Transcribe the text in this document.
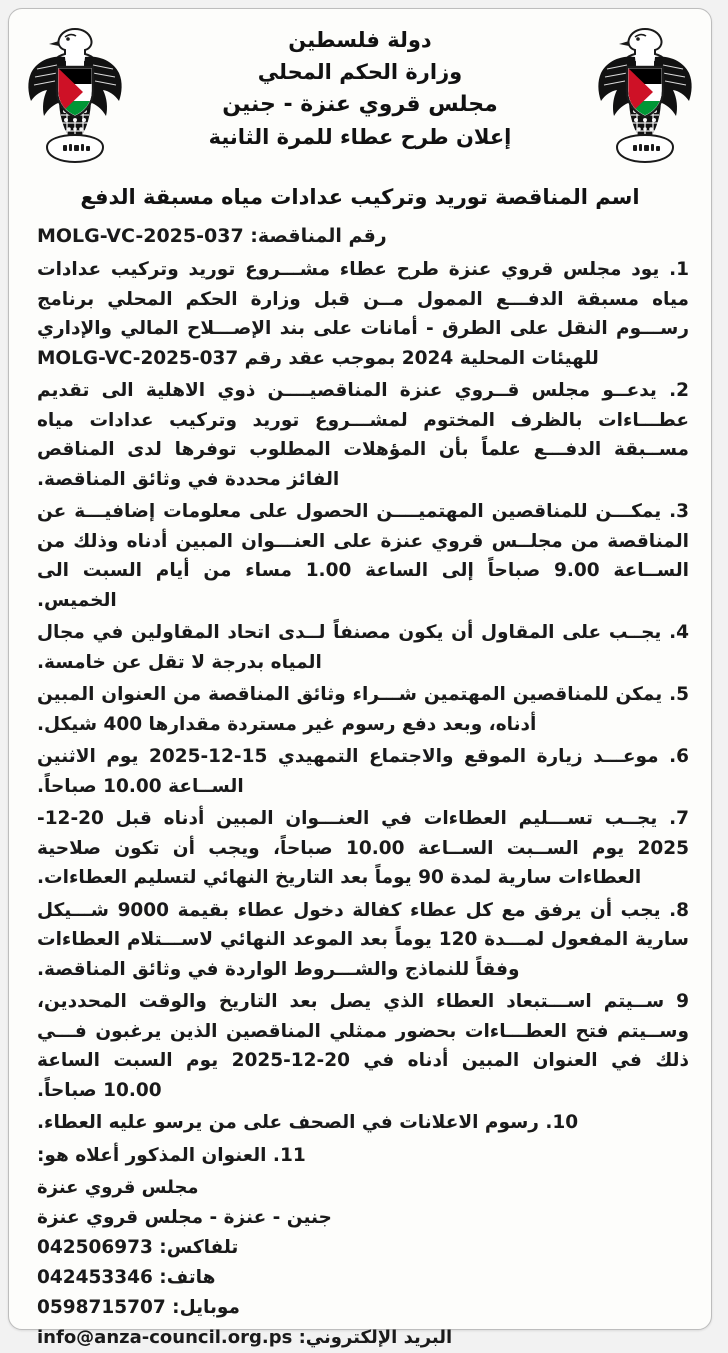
دولة فلسطين
وزارة الحكم المحلي
مجلس قروي عنزة - جنين
إعلان طرح عطاء للمرة الثانية
اسم المناقصة توريد وتركيب عدادات مياه مسبقة الدفع

رقم المناقصة: MOLG-VC-2025-037

1. يود مجلس قروي عنزة طرح عطاء مشـــروع توريد وتركيب عدادات مياه مسبقة الدفـــع الممول مــن قبل وزارة الحكم المحلي برنامج رســـوم النقل على الطرق - أمانات على بند الإصـــلاح المالي والإداري للهيئات المحلية 2024 بموجب عقد رقم MOLG-VC-2025-037
2. يدعــو مجلس قــروي عنزة المناقصيــــن ذوي الاهلية الى تقديم عطـــاءات بالظرف المختوم لمشـــروع توريد وتركيب عدادات مياه مســبقة الدفـــع علماً بأن المؤهلات المطلوب توفرها لدى المناقص الفائز محددة في وثائق المناقصة.
3. يمكـــن للمناقصين المهتميــــن الحصول على معلومات إضافيـــة عن المناقصة من مجلــس قروي عنزة على العنـــوان المبين أدناه وذلك من الســاعة 9.00 صباحاً إلى الساعة 1.00 مساء من أيام السبت الى الخميس.
4. يجــب على المقاول أن يكون مصنفاً لــدى اتحاد المقاولين في مجال المياه بدرجة لا تقل عن خامسة.
5. يمكن للمناقصين المهتمين شـــراء وثائق المناقصة من العنوان المبين أدناه، وبعد دفع رسوم غير مستردة مقدارها 400 شيكل.
6. موعـــد زيارة الموقع والاجتماع التمهيدي 15-12-2025 يوم الاثنين الســاعة 10.00 صباحاً.
7. يجــب تســـليم العطاءات في العنـــوان المبين أدناه قبل 20-12-2025 يوم الســبت الســاعة 10.00 صباحاً، ويجب أن تكون صلاحية العطاءات سارية لمدة 90 يوماً بعد التاريخ النهائي لتسليم العطاءات.
8. يجب أن يرفق مع كل عطاء كفالة دخول عطاء بقيمة 9000 شـــيكل سارية المفعول لمـــدة 120 يوماً بعد الموعد النهائي لاســـتلام العطاءات وفقاً للنماذج والشـــروط الواردة في وثائق المناقصة.
9 ســيتم اســـتبعاد العطاء الذي يصل بعد التاريخ والوقت المحددين، وســيتم فتح العطـــاءات بحضور ممثلي المناقصين الذين يرغبون فـــي ذلك في العنوان المبين أدناه في 20-12-2025 يوم السبت الساعة 10.00 صباحاً.
10. رسوم الاعلانات في الصحف على من يرسو عليه العطاء.
11. العنوان المذكور أعلاه هو:
مجلس قروي عنزة
جنين - عنزة - مجلس قروي عنزة
تلفاكس: 042506973
هاتف: 042453346
موبايل: 0598715707
البريد الإلكتروني: info@anza-council.org.ps
